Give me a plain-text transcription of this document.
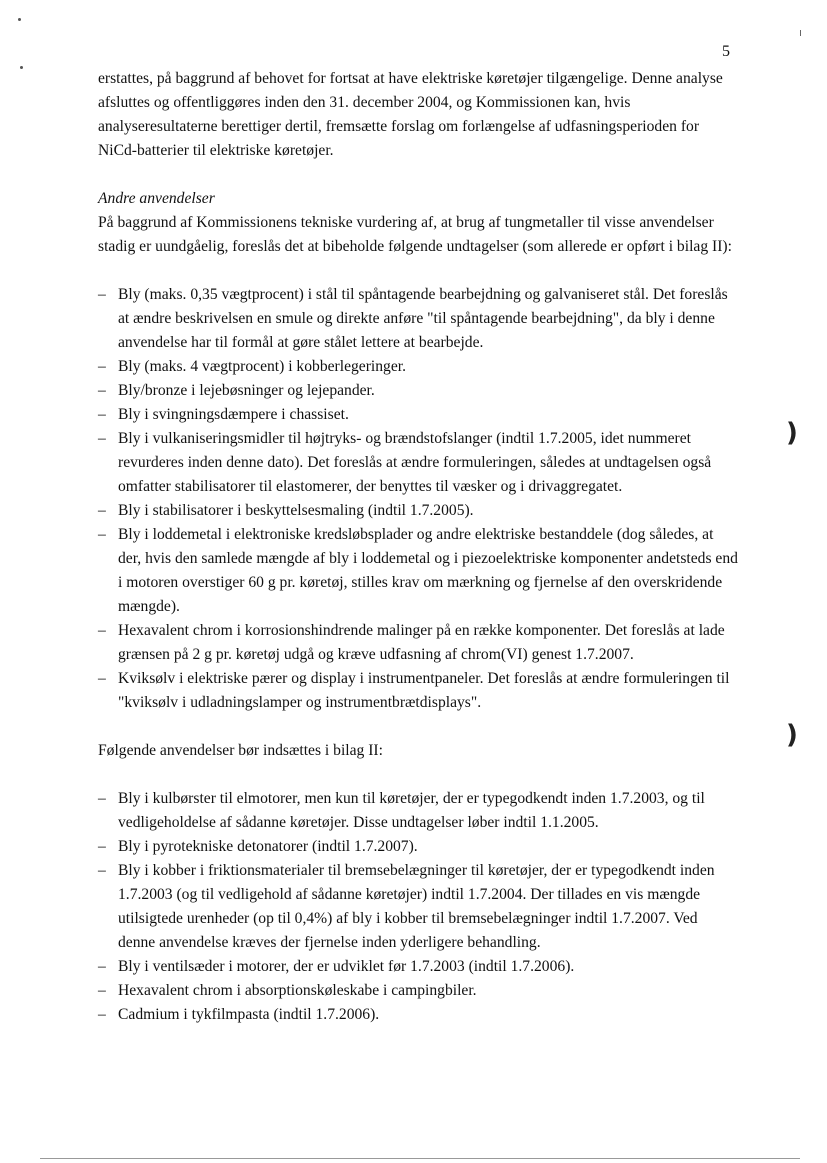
5

erstattes, på baggrund af behovet for fortsat at have elektriske køretøjer tilgængelige. Denne analyse afsluttes og offentliggøres inden den 31. december 2004, og Kommissionen kan, hvis analyseresultaterne berettiger dertil, fremsætte forslag om forlængelse af udfasningsperioden for NiCd-batterier til elektriske køretøjer.

Andre anvendelser

På baggrund af Kommissionens tekniske vurdering af, at brug af tungmetaller til visse anvendelser stadig er uundgåelig, foreslås det at bibeholde følgende undtagelser (som allerede er opført i bilag II):

– Bly (maks. 0,35 vægtprocent) i stål til spåntagende bearbejdning og galvaniseret stål. Det foreslås at ændre beskrivelsen en smule og direkte anføre "til spåntagende bearbejdning", da bly i denne anvendelse har til formål at gøre stålet lettere at bearbejde.
– Bly (maks. 4 vægtprocent) i kobberlegeringer.
– Bly/bronze i lejebøsninger og lejepander.
– Bly i svingningsdæmpere i chassiset.
– Bly i vulkaniseringsmidler til højtryks- og brændstofslanger (indtil 1.7.2005, idet nummeret revurderes inden denne dato). Det foreslås at ændre formuleringen, således at undtagelsen også omfatter stabilisatorer til elastomerer, der benyttes til væsker og i drivaggregatet.
– Bly i stabilisatorer i beskyttelsesmaling (indtil 1.7.2005).
– Bly i loddemetal i elektroniske kredsløbsplader og andre elektriske bestanddele (dog således, at der, hvis den samlede mængde af bly i loddemetal og i piezoelektriske komponenter andetsteds end i motoren overstiger 60 g pr. køretøj, stilles krav om mærkning og fjernelse af den overskridende mængde).
– Hexavalent chrom i korrosionshindrende malinger på en række komponenter. Det foreslås at lade grænsen på 2 g pr. køretøj udgå og kræve udfasning af chrom(VI) genest 1.7.2007.
– Kviksølv i elektriske pærer og display i instrumentpaneler. Det foreslås at ændre formuleringen til "kviksølv i udladningslamper og instrumentbrætdisplays".

Følgende anvendelser bør indsættes i bilag II:

– Bly i kulbørster til elmotorer, men kun til køretøjer, der er typegodkendt inden 1.7.2003, og til vedligeholdelse af sådanne køretøjer. Disse undtagelser løber indtil 1.1.2005.
– Bly i pyrotekniske detonatorer (indtil 1.7.2007).
– Bly i kobber i friktionsmaterialer til bremsebelægninger til køretøjer, der er typegodkendt inden 1.7.2003 (og til vedligehold af sådanne køretøjer) indtil 1.7.2004. Der tillades en vis mængde utilsigtede urenheder (op til 0,4%) af bly i kobber til bremsebelægninger indtil 1.7.2007. Ved denne anvendelse kræves der fjernelse inden yderligere behandling.
– Bly i ventilsæder i motorer, der er udviklet før 1.7.2003 (indtil 1.7.2006).
– Hexavalent chrom i absorptionskøleskabe i campingbiler.
– Cadmium i tykfilmpasta (indtil 1.7.2006).
)
)
